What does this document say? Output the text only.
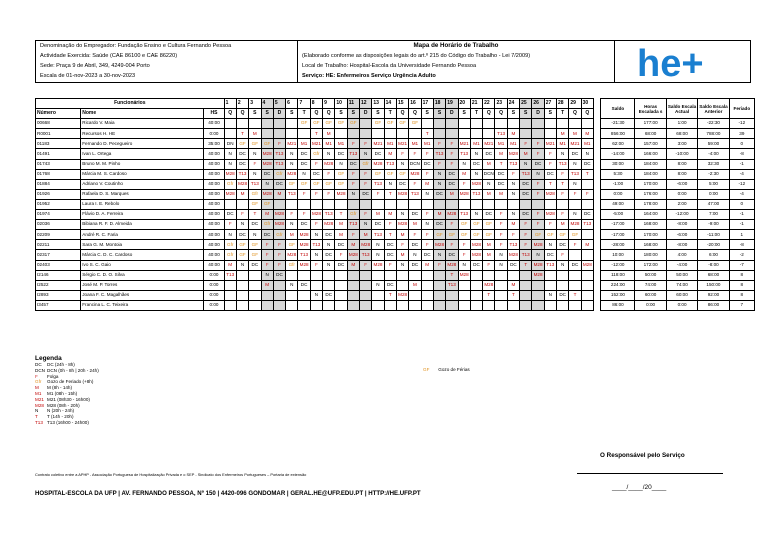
Denominação do Empregador: Fundação Ensino e Cultura Fernando Pessoa
Actividade Exercida: Saúde (CAE 86100 e CAE 86220)
Sede: Praça 9 de Abril, 349, 4249-004 Porto
Escala de 01-nov-2023 a 30-nov-2023
Mapa de Horário de Trabalho
(Elaborado conforme as disposições legais do art.º 215 do Código do Trabalho - Lei 7/2009)
Local de Trabalho: Hospital-Escola da Universidade Fernando Pessoa
Serviço: HE: Enfermeiros Serviço Urgência Adulto	he+
Funcionários			1	2	3	4	5	6	7	8	9	10	11	12	13	14	15	16	17	18	19	20	21	22	23	24	25	26	27	28	29	30		Saldo	Horas Escalada s	Saldo Escala Actual	Saldo Escala Anterior	Feriado
Número	Nome	HS	Q	Q	S	S	D	S	T	Q	Q	S	S	D	S	T	Q	Q	S	S	D	S	T	Q	Q	S	S	D	S	T	Q	Q						
00668	Ricardo V. Maia	40:00							GF	GF	GF	GF	GF		GF	GF	GF	GF																-21:30	177:00	1:00	-22:30	-12
R0001	Recursos H. HE	0:00		T	M					T	M								T						T13	M				M	M	M		856:00	68:00	68:00	788:00	39
01183	Fernando D. Pecegueiro	35:00	DN	GF	GF	GF	F	M21	M1	M21	M1	M1	F	F	M21	M1	M21	M1	M1	F	F	M21	M1	M21	M1	M1	F	F	M21	M1	M21	M1		62:00	157:00	3:00	59:00	0
01491	Ivan L. Ortega	40:00	N	DC	N	M28	T13	N	DC	Gfr	N	DC	T13	N	DC	M	F	F	F	T13	F	T13	N	DC	M	M28	M	F	F	N	DC	N		-14:00	166:00	-10:00	-4:00	-8
01743	Bruno M. M. Pinho	40:00	N	DC	F	M28	T13	N	DC	F	M28	N	DC	Gfr	M28	T13	N	DCN	DC	F	F	N	DC	M	T	T13	N	DC	F	T13	N	DC		30:00	184:00	8:00	32:30	-1
01768	Márcia M. S. Cardoso	40:00	M28	T13	N	DC	Gfr	M28	N	DC	F	GF	F	F	GF	GF	GF	M28	F	N	DC	M	N	DCN	DC	F	T13	N	DC	F	T13	T		5:30	184:00	8:00	-2:30	-4
01884	Adriano V. Coutinho	40:00	Gfr	M28	T13	N	DC	GF	GF	GF	GF	GF	F	F	T13	N	DC	F	M	N	DC	F	M28	N	DC	N	DC	F	T	T	N			-1:00	170:00	-6:00	5:00	-12
01926	Rafaela D. S. Marques	40:00	M28	M	Gfr	M28	M	T13	F	F	F	M28	N	DC	F	T	M28	T13	N	DC	M	M28	T13	M	M	N	DC	F	M28	F	F	F		0:00	176:00	0:00	0:00	-4
01952	Laura I. E. Rebolo	40:00			GF	GF																												49:00	178:00	2:00	47:00	0
01974	Flávio D. A. Ferreira	40:00	DC	F	T	M	M28	F	F	M28	T13	T	Gfr	F	M	M	N	DC	F	M	M28	T13	N	DC	F	N	DC	F	M28	F	N	DC		-5:00	164:00	-12:00	7:00	-1
02036	Bibiana R. F. D. Almeida	40:00	F	N	DC	Gfr	M28	N	DC	F	M28	M	T13	N	DC	F	M28	M	N	DC	F	GF	GF	GF	F	M	F	F	F	M	M28	T13		-17:00	168:00	-8:00	-9:00	-1
02209	André R. C. Faria	40:00	N	DC	N	DC	Gfr	M	M28	N	DC	M	F	M	T13	T	M	F	F	GF	GF	GF	GF	GF	F	F	F	GF	GF	GF	GF			-17:00	170:00	-6:00	-11:00	1
02211	Sara G. M. Montoia	40:00	Gfr	GF	GF	F	F	GF	M28	T13	N	DC	M	M28	N	DC	F	DC	F	M28	F	F	M28	M	F	T13	F	M28	N	DC	F	M		-28:00	168:00	-8:00	-20:00	-8
02317	Márcia C. D. C. Cardoso	40:00	Gfr	GF	GF	F	F	M28	T13	N	DC	F	M28	T13	N	DC	M	N	DC	N	DC	F	M28	M	N	M28	T13	N	DC	F				10:00	180:00	4:00	6:00	-2
02403	Ivo S. C. Gaio	40:00	M	N	DC	F	F	Gfr	M28	F	N	DC	M	F	M28	F	N	DC	M	F	M28	N	DC	F	N	DC	T	M28	T13	N	DC	M28		-12:00	172:00	-4:00	-8:00	-7
I2146	Sérgio C. D. O. Silva	0:00	T13			N	DC														T	M28						M28						118:00	50:00	50:00	68:00	8
I2522	José M. P. Torres	0:00				M		N	DC						N	DC		M			T13			M28		M								224:00	74:00	74:00	150:00	8
I2893	Joana F. C. Magalhães	0:00								N	DC					T	M28							T		T			N	DC	T			152:00	60:00	60:00	92:00	8
I3457	Francina L. C. Teixeira	0:00																																86:00	0:00	0:00	86:00	7
Legenda
DC	DC (24h - 8h)
DCN DCN (0h - 8h | 20h - 24h)
F	Folga
Gfr	Gozo de Feriado (+8h)
M	M (8h - 14h)
M1	M1 (08h - 15h)
M21 M21 (08h30 - 16h00)
M28 M28 (08h - 20h)
N	N (20h - 24h)
T	T (14h - 20h)
T13 T13 (16h00 - 24h00)
GF Gozo de Férias
O Responsável pelo Serviço
____/____/20____
Contrato coletivo entre a APHP - Associação Portuguesa de Hospitalização Privada e o SEP - Sindicato dos Enfermeiros Portugueses – Portaria de extensão
HOSPITAL-ESCOLA DA UFP | AV. FERNANDO PESSOA, Nº 150 | 4420-096 GONDOMAR | GERAL.HE@UFP.EDU.PT | HTTP://HE.UFP.PT
